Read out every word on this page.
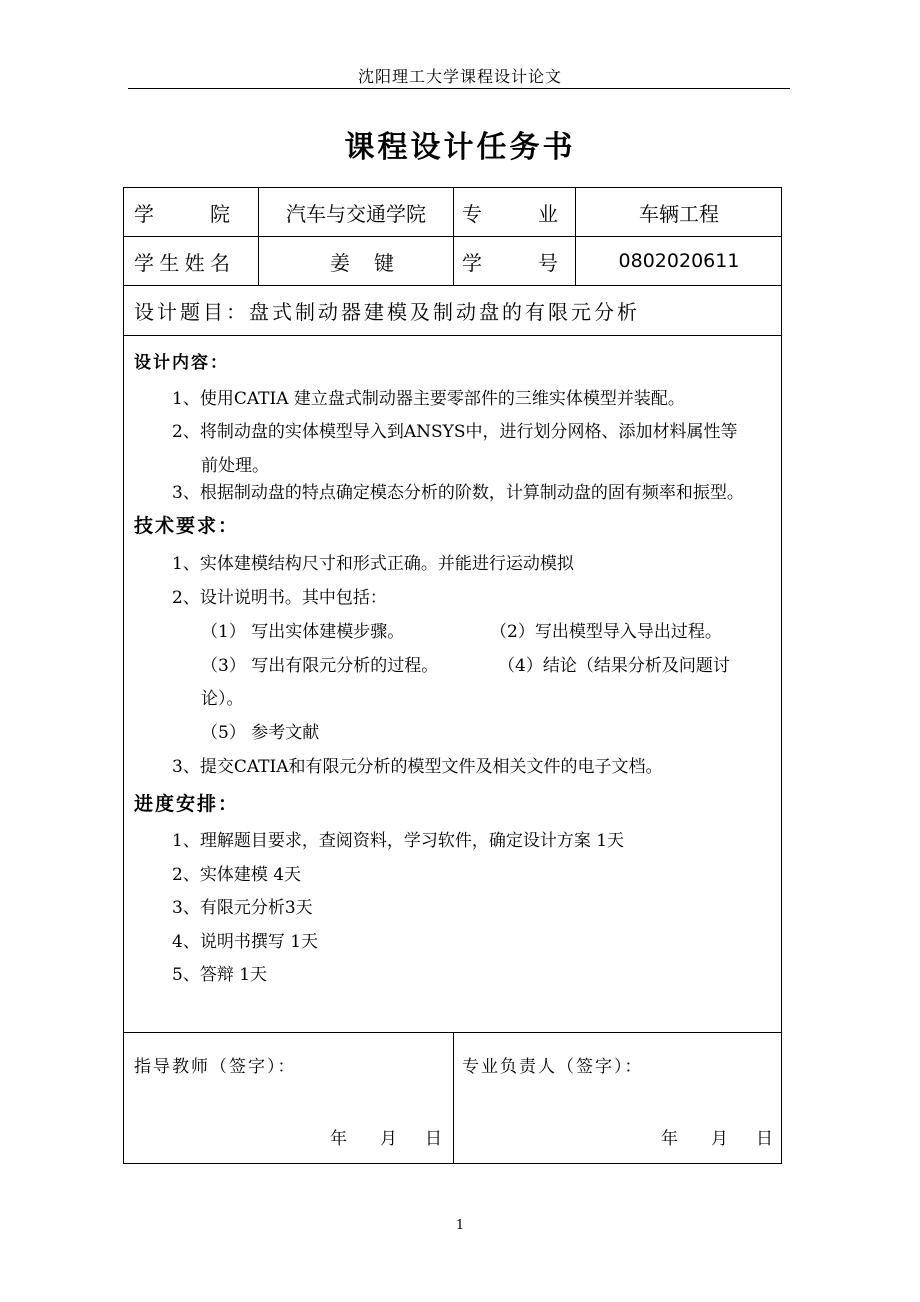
沈阳理工大学课程设计论文
课程设计任务书
学	院	汽车与交通学院	专	业	车辆工程
学 生 姓 名	姜 键	学	号	0802020611
设计题目： 盘式制动器建模及制动盘的有限元分析
设计内容：
1、使用CATIA 建立盘式制动器主要零部件的三维实体模型并装配。
2、将制动盘的实体模型导入到ANSYS中，进行划分网格、添加材料属性等
前处理。
3、根据制动盘的特点确定模态分析的阶数，计算制动盘的固有频率和振型。
技术要求：
1、实体建模结构尺寸和形式正确。并能进行运动模拟
2、设计说明书。其中包括：
（1） 写出实体建模步骤。	（2）写出模型导入导出过程。
（3） 写出有限元分析的过程。	（4）结论（结果分析及问题讨
论）。
（5） 参考文献
3、提交CATIA和有限元分析的模型文件及相关文件的电子文档。
进度安排：
1、理解题目要求，查阅资料，学习软件，确定设计方案 1天
2、实体建模 4天
3、有限元分析3天
4、说明书撰写 1天
5、答辩 1天
指导教师（签字）：	专业负责人（签字）：
年	月	日	年	月	日
1
